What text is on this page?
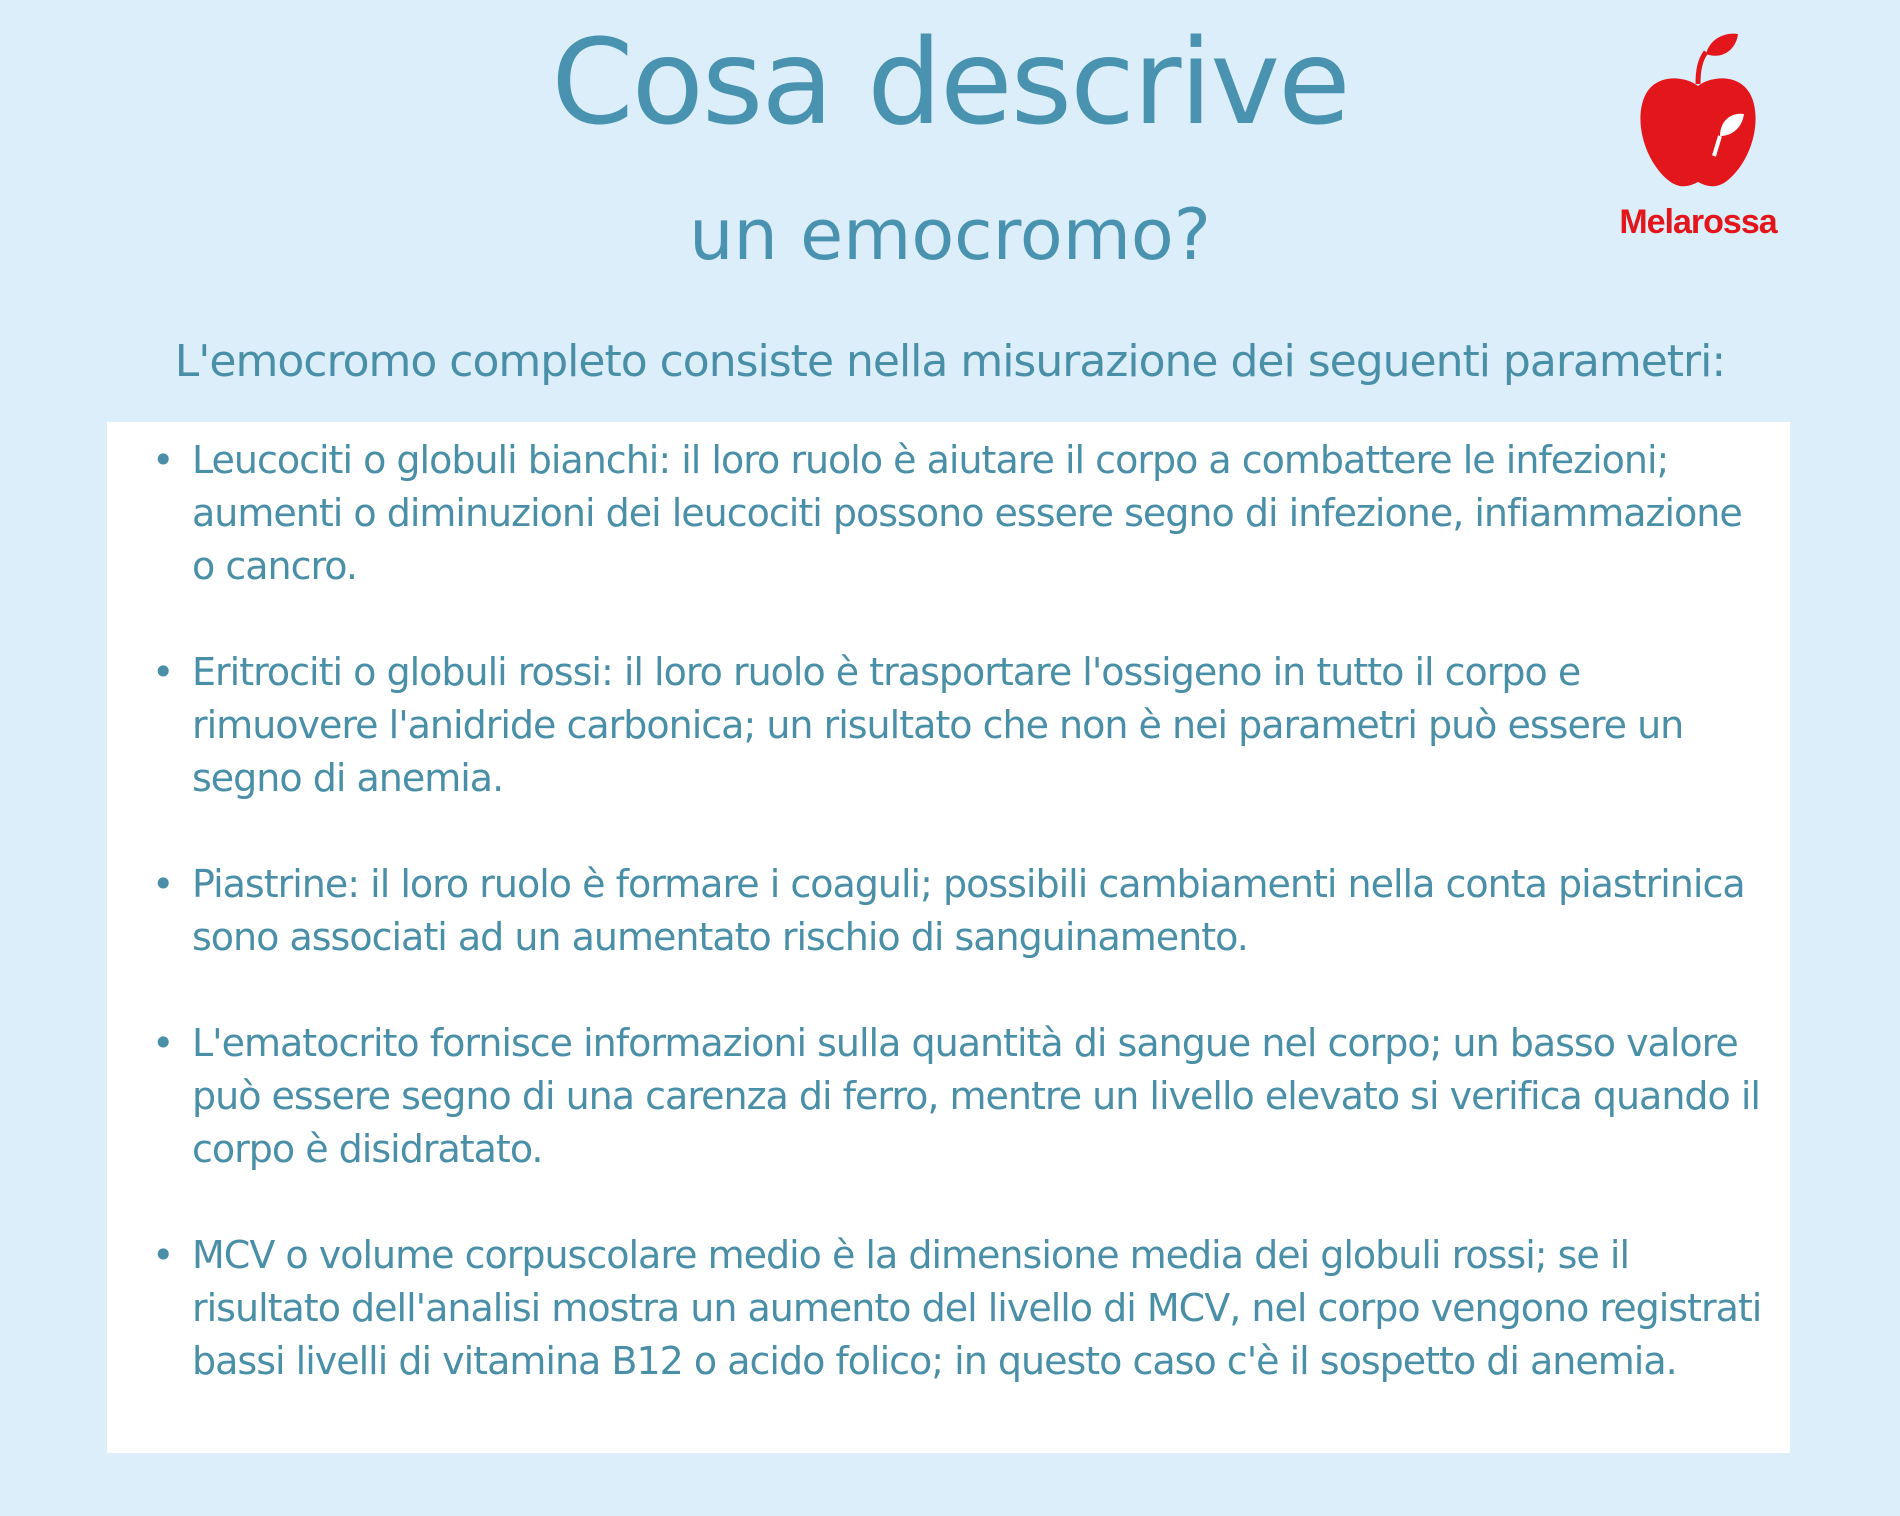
Cosa descrive
un emocromo?	Melarossa
L'emocromo completo consiste nella misurazione dei seguenti parametri:
• Leucociti o globuli bianchi: il loro ruolo è aiutare il corpo a combattere le infezioni; aumenti o diminuzioni dei leucociti possono essere segno di infezione, infiammazione o cancro.
• Eritrociti o globuli rossi: il loro ruolo è trasportare l'ossigeno in tutto il corpo e rimuovere l'anidride carbonica; un risultato che non è nei parametri può essere un segno di anemia.
• Piastrine: il loro ruolo è formare i coaguli; possibili cambiamenti nella conta piastrinica sono associati ad un aumentato rischio di sanguinamento.
• L'ematocrito fornisce informazioni sulla quantità di sangue nel corpo; un basso valore può essere segno di una carenza di ferro, mentre un livello elevato si verifica quando il corpo è disidratato.
• MCV o volume corpuscolare medio è la dimensione media dei globuli rossi; se il risultato dell'analisi mostra un aumento del livello di MCV, nel corpo vengono registrati bassi livelli di vitamina B12 o acido folico; in questo caso c'è il sospetto di anemia.
